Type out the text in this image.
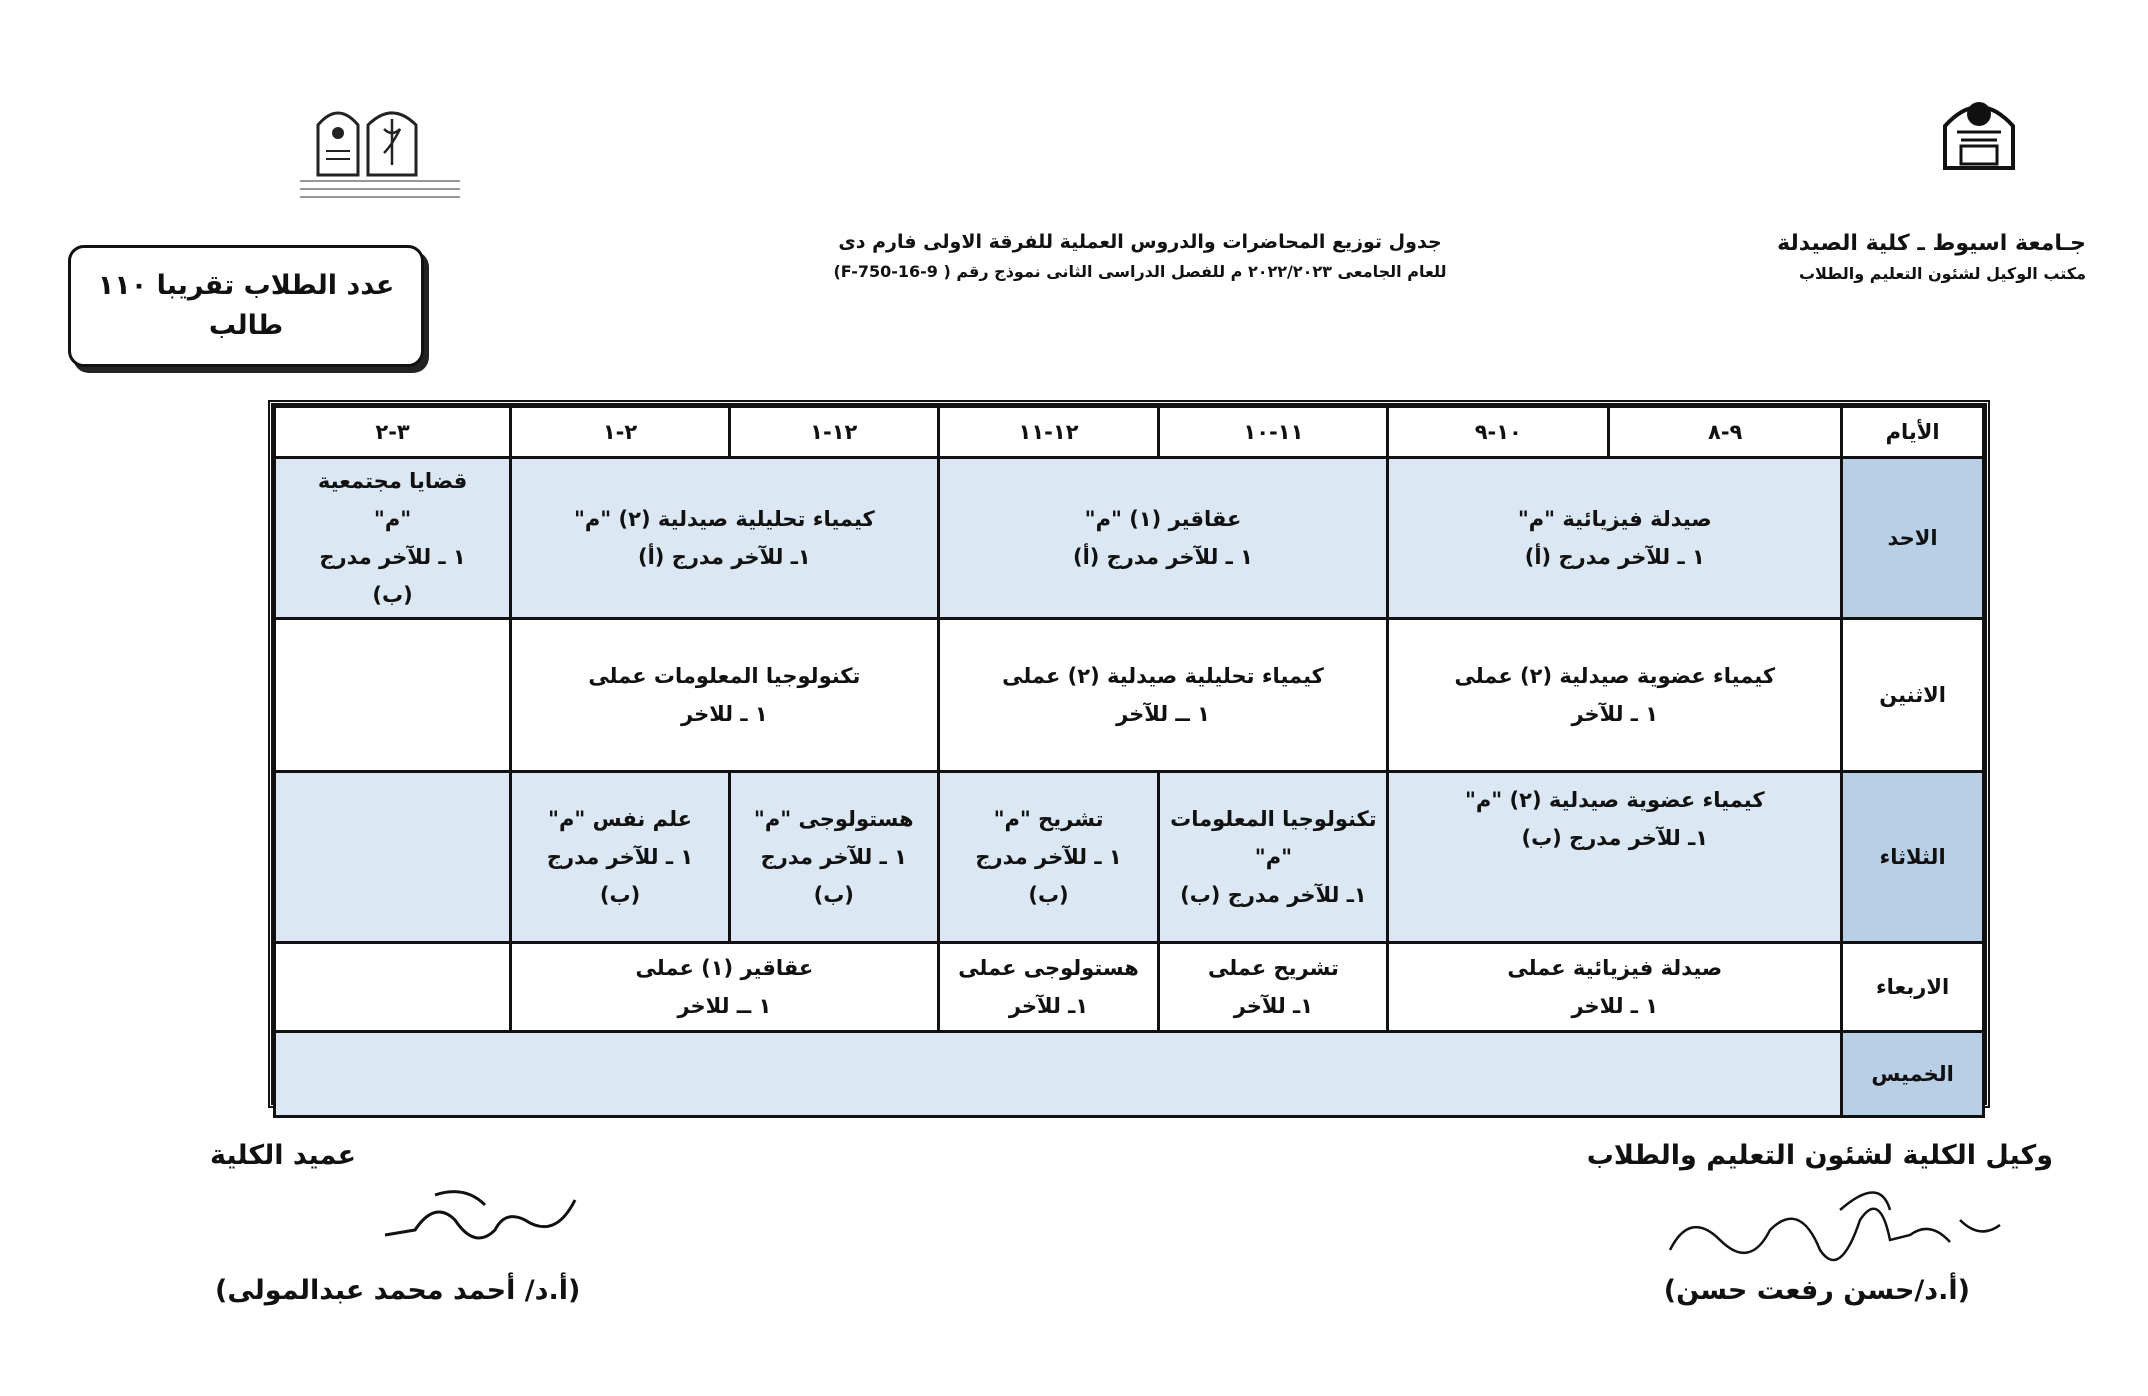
جـامعة اسيوط ـ كلية الصيدلة
مكتب الوكيل لشئون التعليم والطلاب
جدول توزيع المحاضرات والدروس العملية للفرقة الاولى فارم دى
للعام الجامعى ٢٠٢٢/٢٠٢٣ م للفصل الدراسى الثانى نموذج رقم ( F-750-16-9)
عدد الطلاب تقريبا ١١٠
طالب
الأيام	٩-٨	١٠-٩	١١-١٠	١٢-١١	١٢-١	٢-١	٣-٢
الاحد	صيدلة فيزيائية "م"
١ ـ للآخر مدرج (أ)		عقاقير (١) "م"
١ ـ للآخر مدرج (أ)		كيمياء تحليلية صيدلية (٢) "م"
١ـ للآخر مدرج (أ)		قضايا مجتمعية
"م"
١ ـ للآخر مدرج
(ب)

الاثنين	كيمياء عضوية صيدلية (٢) عملى
١ ـ للآخر		كيمياء تحليلية صيدلية (٢) عملى
١ ــ للآخر		تكنولوجيا المعلومات عملى
١ ـ للاخر		

الثلاثاء	كيمياء عضوية صيدلية (٢) "م"
١ـ للآخر مدرج (ب)		تكنولوجيا المعلومات
"م"
١ـ للآخر مدرج (ب)	تشريح "م"
١ ـ للآخر مدرج
(ب)	هستولوجى "م"
١ ـ للآخر مدرج
(ب)	علم نفس "م"
١ ـ للآخر مدرج
(ب)	

الاربعاء	صيدلة فيزيائية عملى
١ ـ للاخر		تشريح عملى
١ـ للآخر	هستولوجى عملى
١ـ للآخر	عقاقير (١) عملى
١ ــ للاخر		

الخميس							
وكيل الكلية لشئون التعليم والطلاب
(أ.د/حسن رفعت حسن)
عميد الكلية
(أ.د/ أحمد محمد عبدالمولى)
